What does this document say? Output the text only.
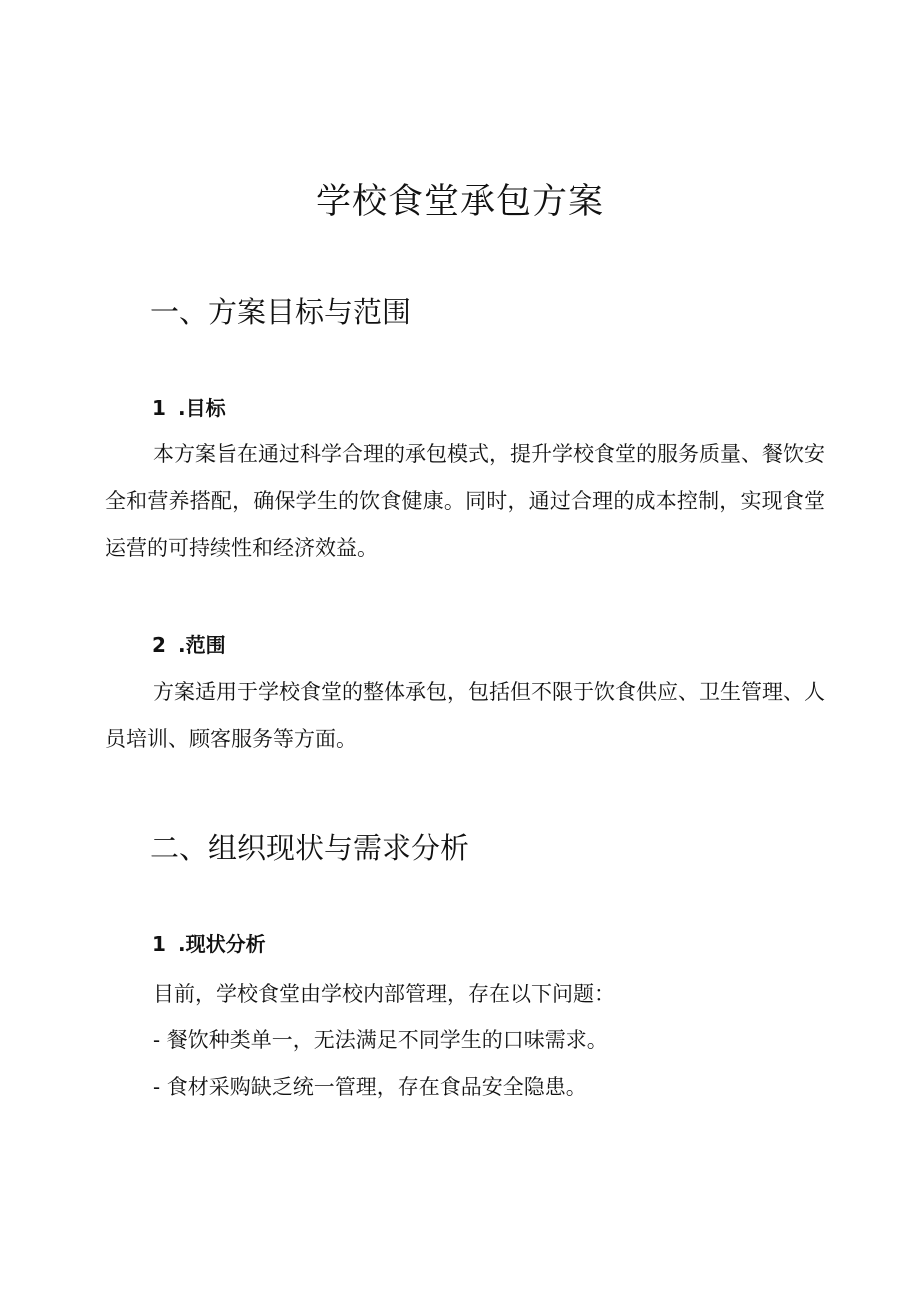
学校食堂承包方案
一、方案目标与范围
1 .目标

本方案旨在通过科学合理的承包模式，提升学校食堂的服务质量、餐饮安全和营养搭配，确保学生的饮食健康。同时，通过合理的成本控制，实现食堂运营的可持续性和经济效益。

2 .范围

方案适用于学校食堂的整体承包，包括但不限于饮食供应、卫生管理、人员培训、顾客服务等方面。

二、组织现状与需求分析
1 .现状分析

目前，学校食堂由学校内部管理，存在以下问题：

- 餐饮种类单一，无法满足不同学生的口味需求。

- 食材采购缺乏统一管理，存在食品安全隐患。
